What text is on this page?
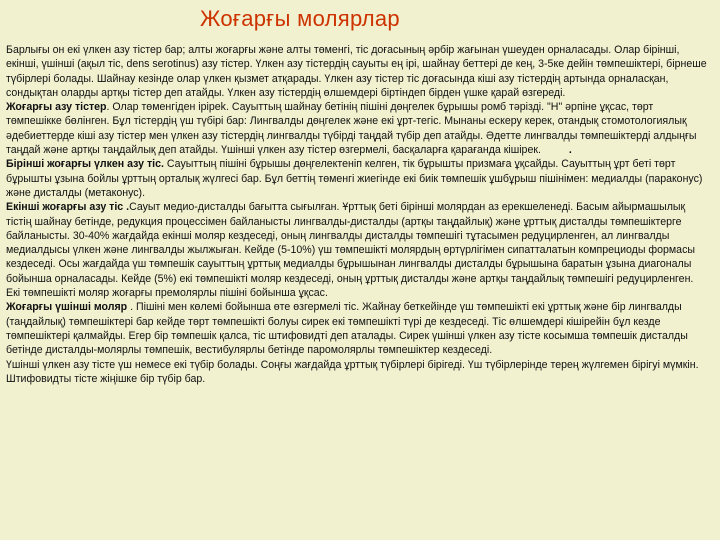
Жоғарғы молярлар

Барлығы он екі үлкен азу тістер бар; алты жоғарғы және алты төменгі, тіс доғасының әрбір жағынан үшеуден орналасады. Олар бірінші, екінші, үшінші (ақыл тіс, dens serotinus) азу тістер. Үлкен азу тістердің сауыты ең ірі, шайнау беттері де кең, 3-5ке дейін төмпешіктері, бірнеше түбірлері болады. Шайнау кезінде олар үлкен қызмет атқарады. Үлкен азу тістер тіс доғасында кіші азу тістердің артында орналасқан, сондықтан оларды артқы тістер деп атайды. Үлкен азу тістердің өлшемдері біртіндеп бірден үшке қарай өзгереді.

Жоғарғы азу тістер. Олар төменгіден іріреk. Сауыттың шайнау бетінің пішіні дөңгелек бұрышы ромб тәрізді. "Н" әрпіне ұқсас, төрт төмпешікке бөлінген. Бұл тістердің үш түбірі бар: Лингвалды дөңгелек және екі ұрт-тегіс. Мынаны ескеру керек, отандық стомотологиялық әдебиеттерде кіші азу тістер мен үлкен азу тістердің лингвалды түбірді таңдай түбір деп атайды. Әдетте лингвалды төмпешіктерді алдыңғы таңдай және артқы таңдайлық деп атайды. Үшінші үлкен азу тістер өзгермелі, басқаларға қарағанда кішірек.	.

Бірінші жоғарғы үлкен азу тіс. Сауыттың пішіні бұрышы дөңгелектеніп келген, тік бұрышты призмаға ұқсайды. Сауыттың ұрт беті төрт бұрышты ұзына бойлы ұрттың орталық жүлгесі бар. Бұл беттің төменгі жиегінде екі биік төмпешік ұшбұрыш пішінімен: медиалды (паракoнус) және дисталды (метаконус).

Екінші жоғарғы азу тіс .Сауыт медио-дисталды бағытта сығылған. Ұрттық беті бірінші молярдан аз ерекшеленеді. Басым айырмашылық тістің шайнау бетінде, редукция процессімен байланысты лингвалды-дисталды (артқы таңдайлық) және ұрттық дисталды төмпешіктерге байланысты. 30-40% жағдайда екінші моляр кездеседі, оның лингвалды дисталды төмпешігі тұтасымен редуцирленген, ал лингвалды медиалдысы үлкен және лингвалды жылжыған. Кейде (5-10%) үш төмпешікті молярдың өртүрлігімен сипатталатын компрециоды формасы кездеседі. Осы жағдайда үш төмпешік сауыттың ұрттық медиалды бұрышынан лингвалды дисталды бұрышына баратын ұзына диагоналы бойынша орналасады. Кейде (5%) екі төмпешікті моляр кездеседі, оның ұрттық дисталды және артқы таңдайлық төмпешігі редуцирленген. Екі төмпешікті моляр жоғарғы премолярлы пішіні бойынша ұқсас.

Жоғарғы үшінші моляр . Пішіні мен көлемі бойынша өте өзгермелі тіс. Жайнау беткейінде үш төмпешікті екі ұрттық және бір лингвалды (таңдайлық) төмпешіктері бар кейде төрт төмпешікті болуы сирек екі төмпешікті түрі де кездеседі. Тіс өлшемдері кішірейін бұл кезде төмпешіктері қалмайды. Егер бір төмпешік қалса, тіс штифовидті деп аталады. Сирек үшінші үлкен азу тісте косымша төмпешік дисталды бетінде дисталды-молярлы төмпешік, вестибулярлы бетінде паромолярлы төмпешіктер кездеседі.

Үшінші үлкен азу тісте үш немесе екі түбір болады. Соңғы жағдайда ұрттық түбірлері бірігеді. Үш түбірлерінде терең жүлгемен бірігуі мүмкін. Штифовидты тісте жіңішке бір түбір бар.
